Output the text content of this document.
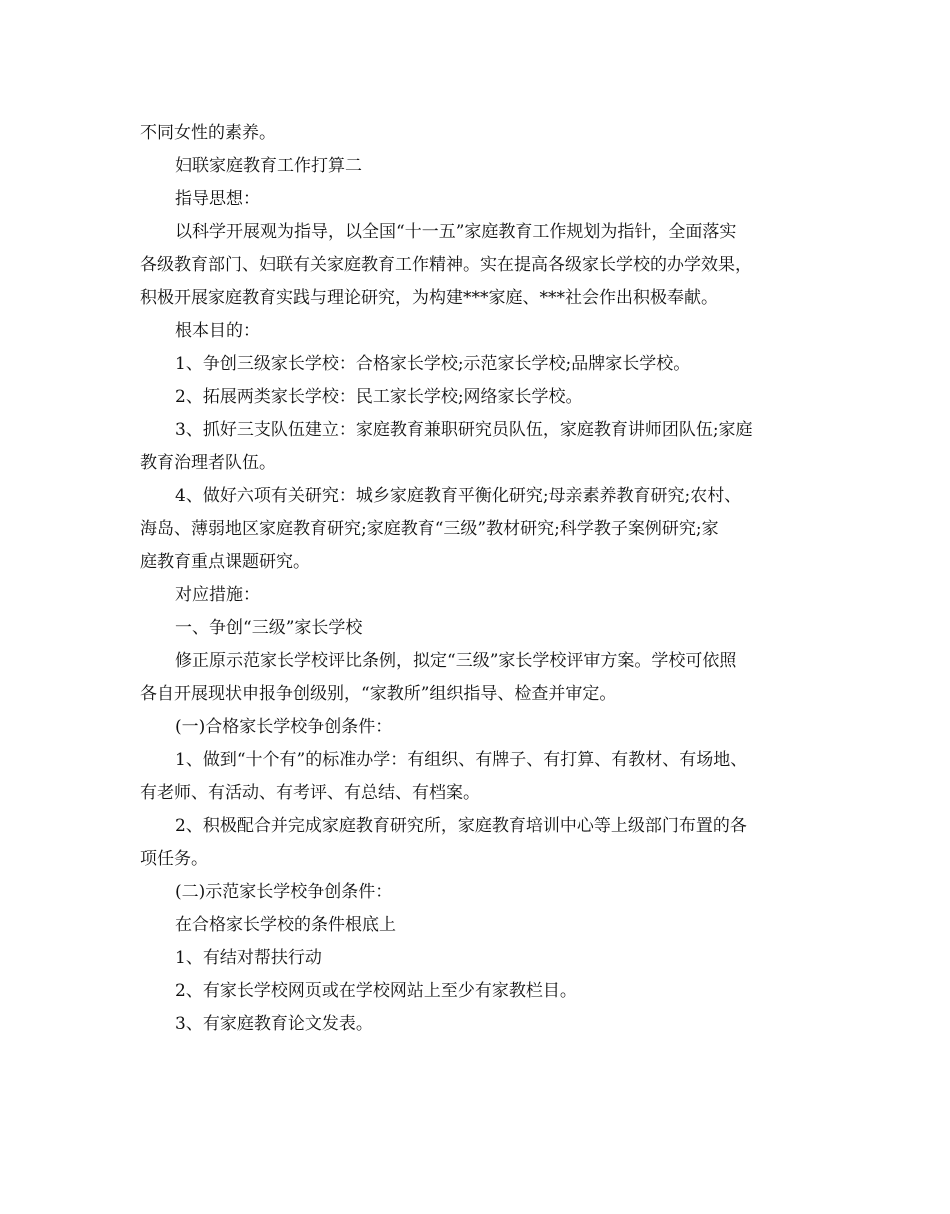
不同女性的素养。
妇联家庭教育工作打算二
指导思想：
以科学开展观为指导，以全国“十一五”家庭教育工作规划为指针，全面落实
各级教育部门、妇联有关家庭教育工作精神。实在提高各级家长学校的办学效果，
积极开展家庭教育实践与理论研究，为构建***家庭、***社会作出积极奉献。
根本目的：
1、争创三级家长学校：合格家长学校;示范家长学校;品牌家长学校。
2、拓展两类家长学校：民工家长学校;网络家长学校。
3、抓好三支队伍建立：家庭教育兼职研究员队伍，家庭教育讲师团队伍;家庭
教育治理者队伍。
4、做好六项有关研究：城乡家庭教育平衡化研究;母亲素养教育研究;农村、
海岛、薄弱地区家庭教育研究;家庭教育“三级”教材研究;科学教子案例研究;家
庭教育重点课题研究。
对应措施：
一、争创“三级”家长学校
修正原示范家长学校评比条例，拟定“三级”家长学校评审方案。学校可依照
各自开展现状申报争创级别，“家教所”组织指导、检查并审定。
(一)合格家长学校争创条件：
1、做到“十个有”的标准办学：有组织、有牌子、有打算、有教材、有场地、
有老师、有活动、有考评、有总结、有档案。
2、积极配合并完成家庭教育研究所，家庭教育培训中心等上级部门布置的各
项任务。
(二)示范家长学校争创条件：
在合格家长学校的条件根底上
1、有结对帮扶行动
2、有家长学校网页或在学校网站上至少有家教栏目。
3、有家庭教育论文发表。
